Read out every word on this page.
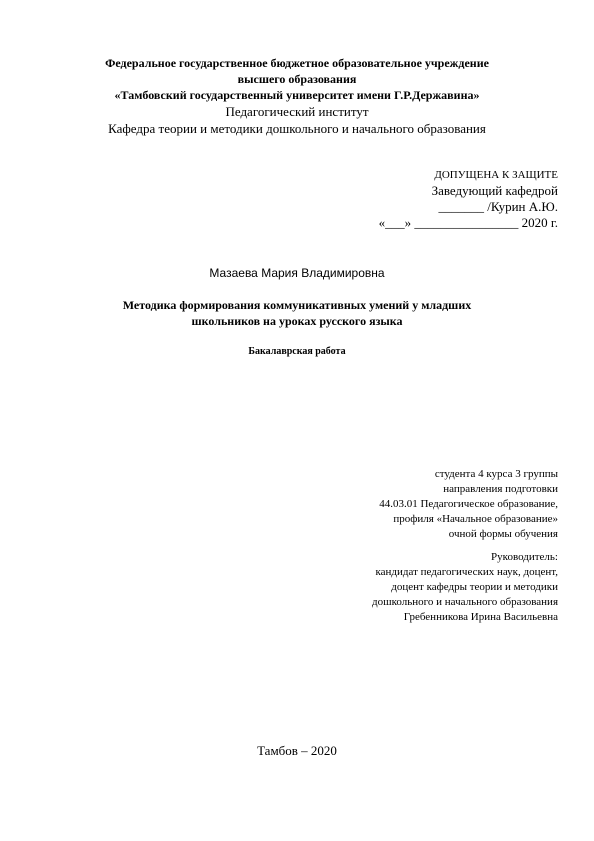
Федеральное государственное бюджетное образовательное учреждение
высшего образования
«Тамбовский государственный университет имени Г.Р.Державина»
Педагогический институт
Кафедра теории и методики дошкольного и начального образования
ДОПУЩЕНА К ЗАЩИТЕ
Заведующий кафедрой
_______ /Курин А.Ю.
«___» ________________ 2020 г.
Мазаева Мария Владимировна
Методика формирования коммуникативных умений у младших
школьников на уроках русского языка
Бакалаврская работа
студента 4 курса 3 группы
направления подготовки
44.03.01 Педагогическое образование,
профиля «Начальное образование»
очной формы обучения
Руководитель:
кандидат педагогических наук, доцент,
доцент кафедры теории и методики
дошкольного и начального образования
Гребенникова Ирина Васильевна
Тамбов – 2020
